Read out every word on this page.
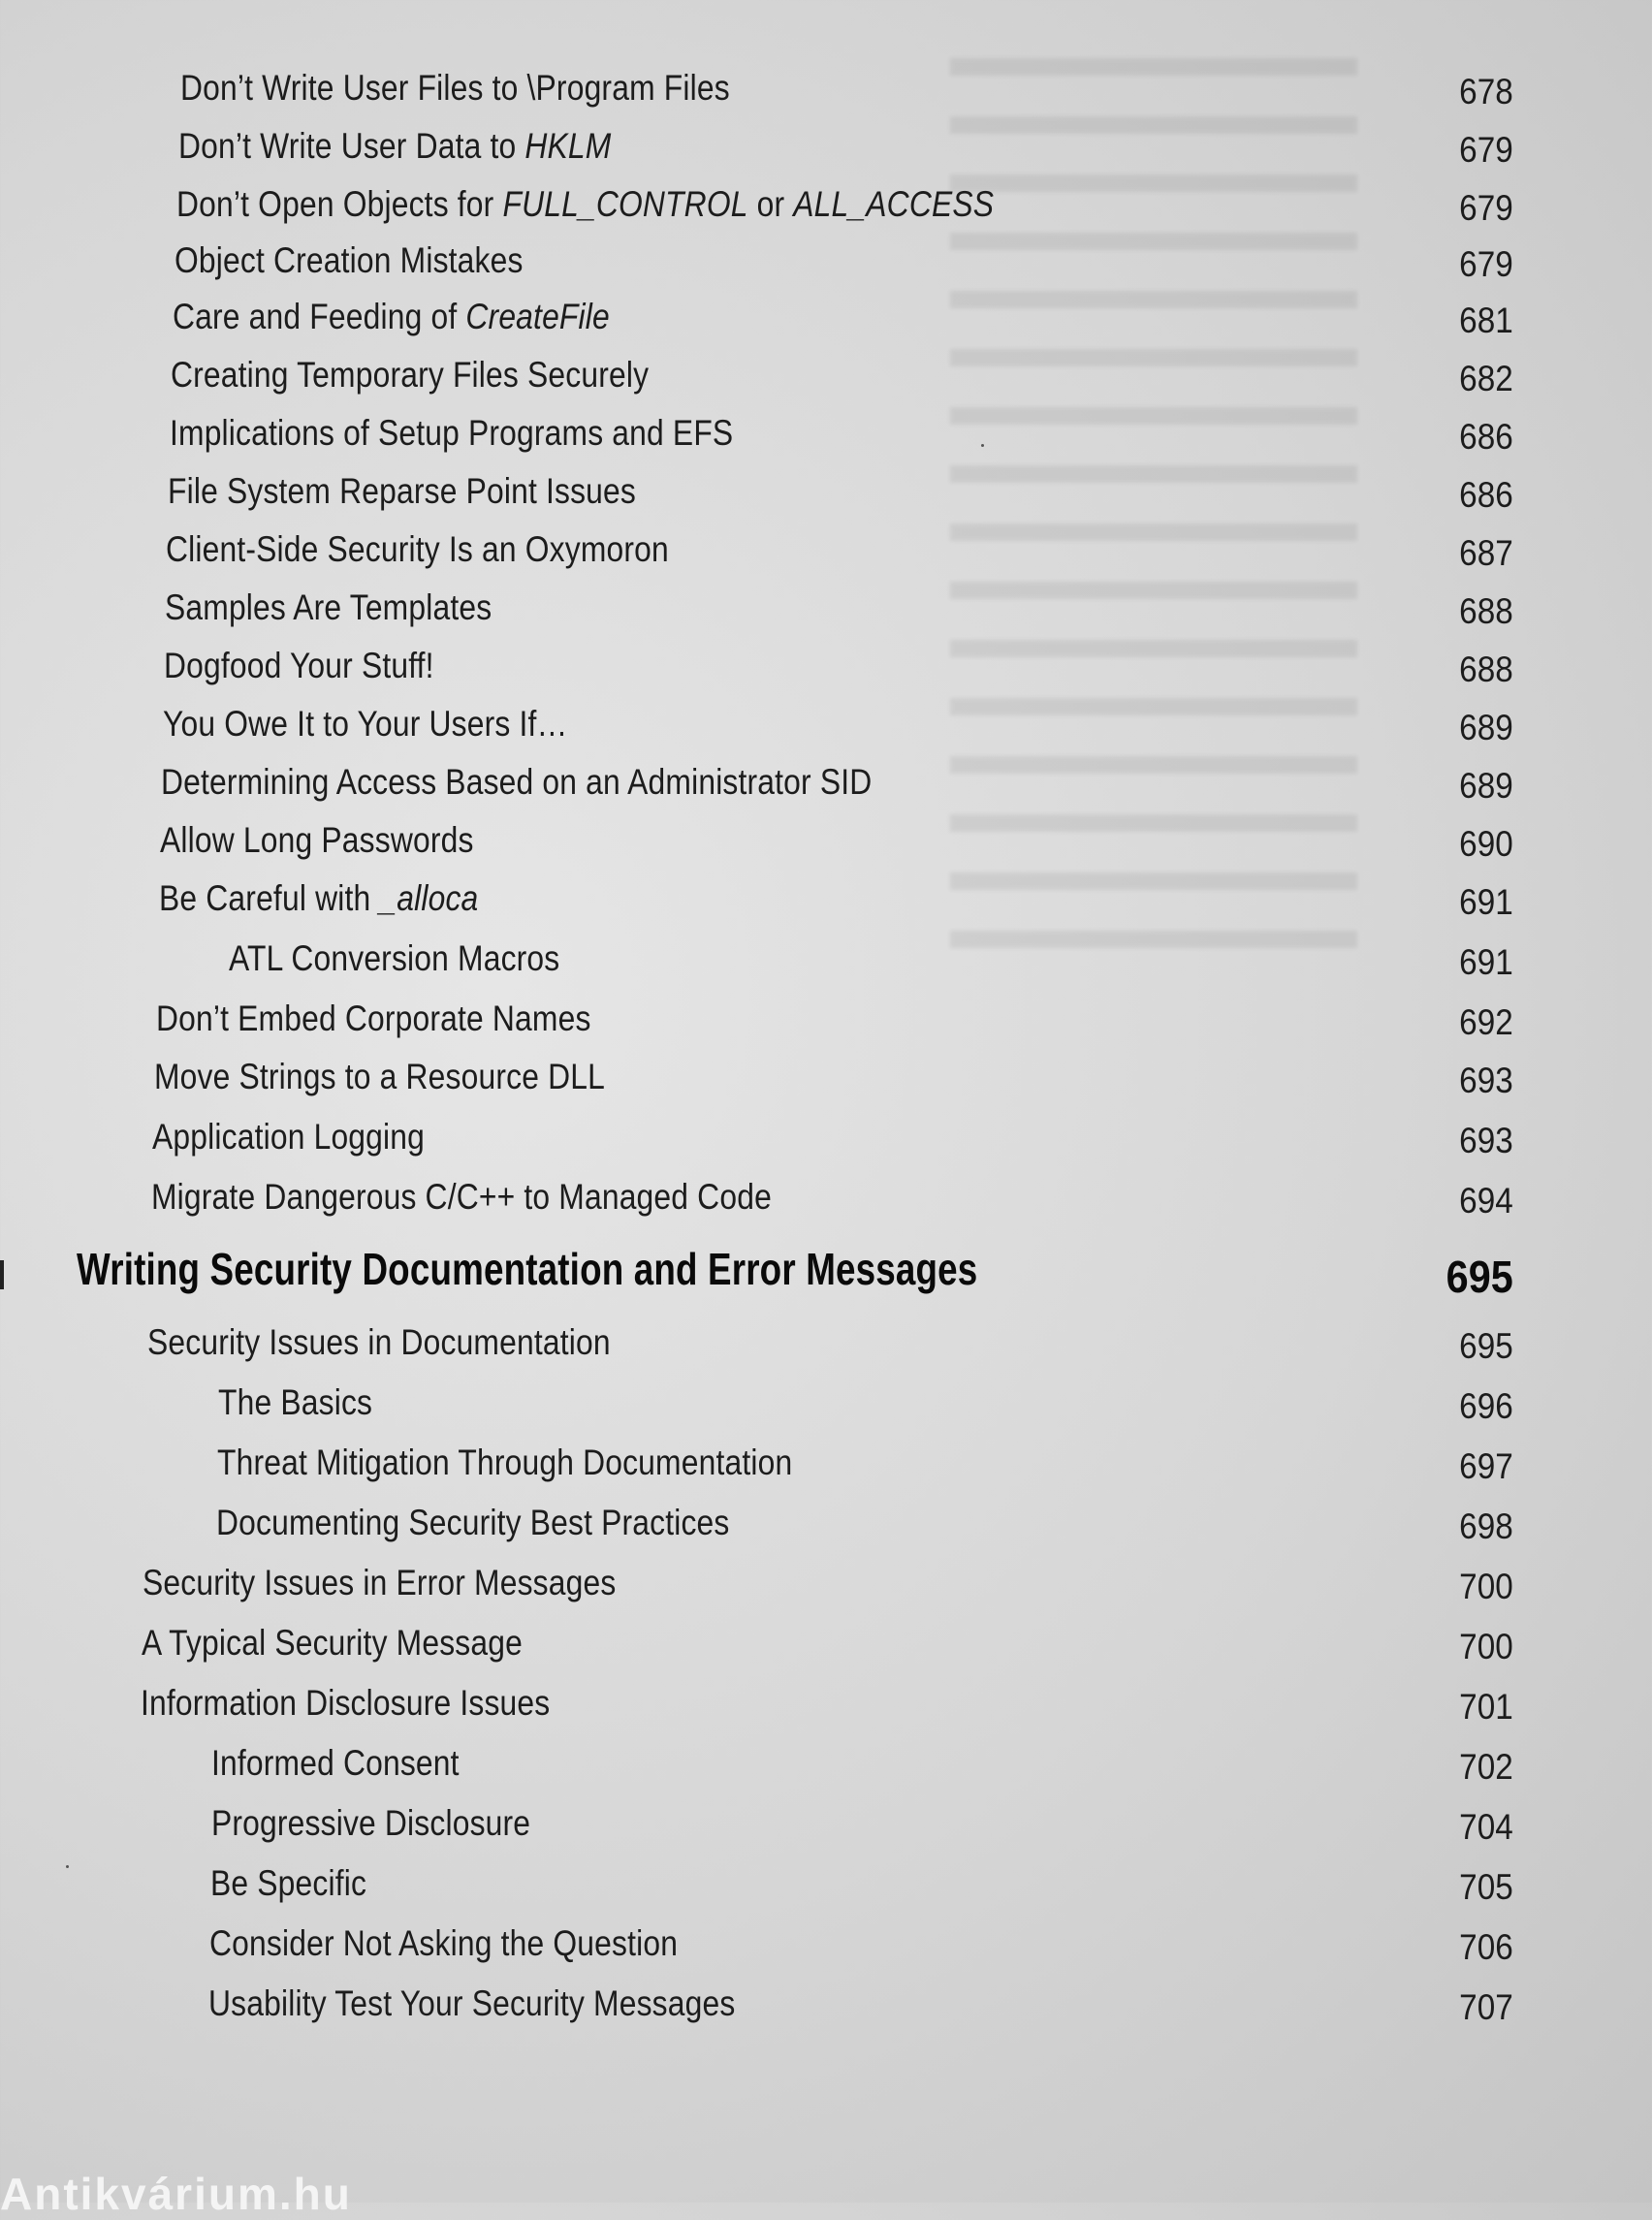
Don’t Write User Files to \Program Files	678
Don’t Write User Data to HKLM	679
Don’t Open Objects for FULL_CONTROL or ALL_ACCESS	679
Object Creation Mistakes	679
Care and Feeding of CreateFile	681
Creating Temporary Files Securely	682
Implications of Setup Programs and EFS	686
File System Reparse Point Issues	686
Client-Side Security Is an Oxymoron	687
Samples Are Templates	688
Dogfood Your Stuff!	688
You Owe It to Your Users If…	689
Determining Access Based on an Administrator SID	689
Allow Long Passwords	690
Be Careful with _alloca	691
ATL Conversion Macros	691
Don’t Embed Corporate Names	692
Move Strings to a Resource DLL	693
Application Logging	693
Migrate Dangerous C/C++ to Managed Code	694
Writing Security Documentation and Error Messages	695
Security Issues in Documentation	695
The Basics	696
Threat Mitigation Through Documentation	697
Documenting Security Best Practices	698
Security Issues in Error Messages	700
A Typical Security Message	700
Information Disclosure Issues	701
Informed Consent	702
Progressive Disclosure	704
Be Specific	705
Consider Not Asking the Question	706
Usability Test Your Security Messages	707
Antikvárium.hu
